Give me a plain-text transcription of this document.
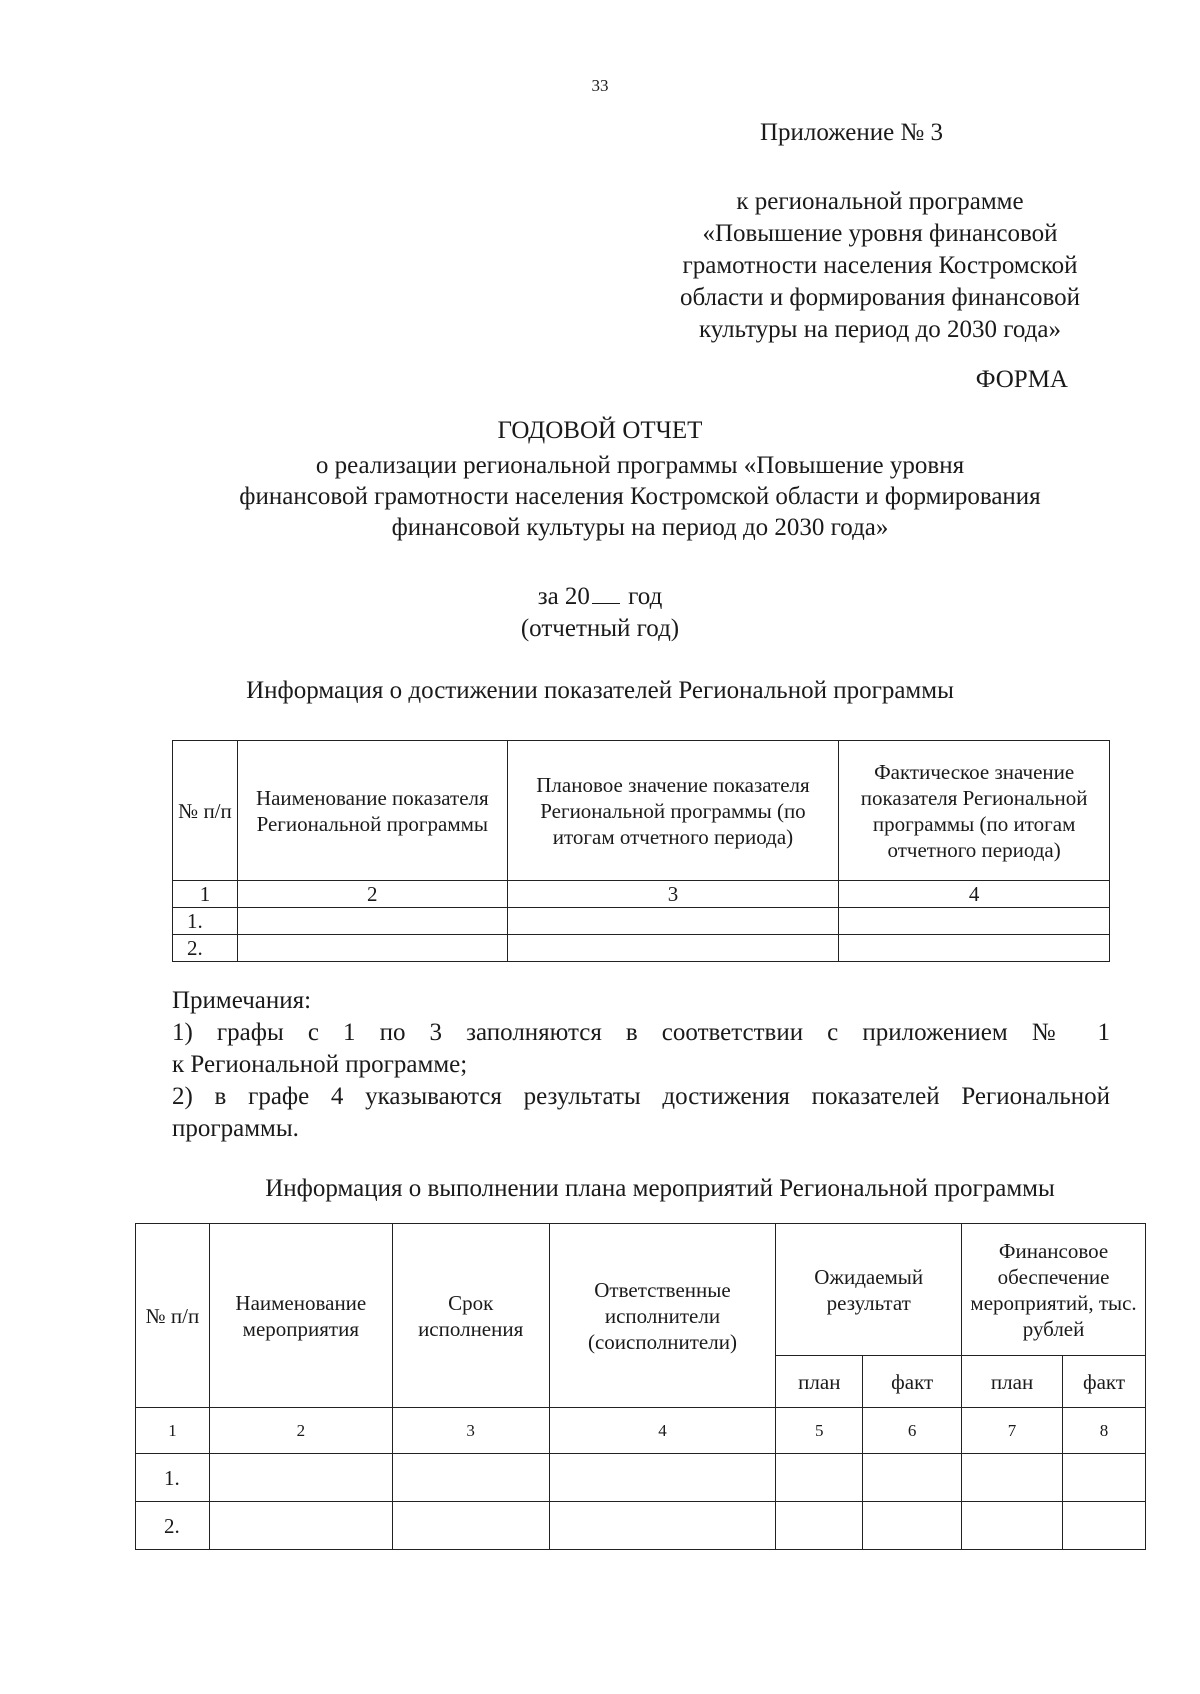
33
Приложение № 3
к региональной программе
«Повышение уровня финансовой
грамотности населения Костромской
области и формирования финансовой
культуры на период до 2030 года»
ФОРМА
ГОДОВОЙ ОТЧЕТ
о реализации региональной программы «Повышение уровня
финансовой грамотности населения Костромской области и формирования
финансовой культуры на период до 2030 года»
за 20 год
(отчетный год)
Информация о достижении показателей Региональной программы
№ п/п	Наименование показателя Региональной программы	Плановое значение показателя Региональной программы (по итогам отчетного периода)	Фактическое значение показателя Региональной программы (по итогам отчетного периода)
1	2	3	4
1.			
2.			

Примечания:

1) графы с 1 по 3 заполняются в соответствии с приложением № 1

к Региональной программе;

2) в графе 4 указываются результаты достижения показателей Региональной

программы.

Информация о выполнении плана мероприятий Региональной программы
№ п/п	Наименование мероприятия	Срок исполнения	Ответственные исполнители (соисполнители)	Ожидаемый результат		Финансовое обеспечение мероприятий, тыс. рублей	
				план	факт	план	факт
1	2	3	4	5	6	7	8
1.							
2.							
